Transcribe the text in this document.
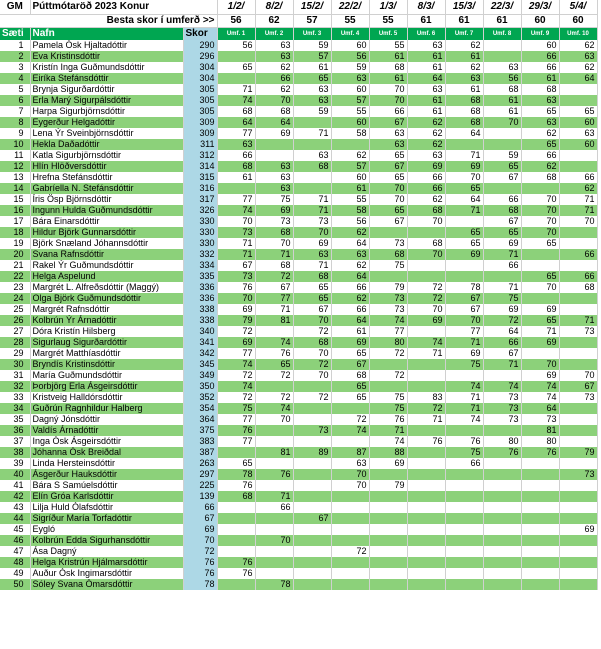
GM	Púttmótaröð 2023 Konur		1/2/	8/2/	15/2/	22/2/	1/3/	8/3/	15/3/	22/3/	29/3/	5/4/
Besta skor í umferð >>			56	62	57	55	55	61	61	61	60	60
Sæti	Nafn	Skor	Umf. 1	Umf. 2	Umf. 3	Umf. 4	Umf. 5	Umf. 6	Umf. 7	Umf. 8	Umf. 9	Umf. 10
1	Pamela Ósk Hjaltadóttir	290	56	63	59	60	55	63	62		60	62
2	Eva Kristinsdóttir	296		63	57	56	61	61	61		66	63
3	Kristín Inga Guðmundsdóttir	304	65	62	61	59	68	61	62	63	66	62
4	Eiríka Stefánsdóttir	304		66	65	63	61	64	63	56	61	64
5	Brynja Sigurðardóttir	305	71	62	63	60	70	63	61	68	68	
6	Erla Marý Sigurpálsdóttir	305	74	70	63	57	70	61	68	61	63	
7	Harpa Sigurbjörnsdóttir	305	68	68	59	55	66	61	68	61	65	65
8	Eygerður Helgadóttir	309	64	64		60	67	62	68	70	63	60
9	Lena Ýr Sveinbjörnsdóttir	309	77	69	71	58	63	62	64		62	63
10	Hekla Daðadóttir	311	63				63	62			65	60
11	Katla Sigurbjörnsdóttir	312	66		63	62	65	63	71	59	66	
12	Hlín Hlöðversdóttir	314	68	63	68	57	67	69	69	65	62	
13	Hrefna Stefánsdóttir	315	61	63		60	65	66	70	67	68	66
14	Gabríella N. Stefánsdóttir	316		63		61	70	66	65			62
15	Íris Ösp Björnsdóttir	317	77	75	71	55	70	62	64	66	70	71
16	Ingunn Hulda Guðmundsdóttir	326	74	69	71	58	65	68	71	68	70	71
17	Bára Einarsdóttir	330	70	73	73	56	67	70		67	70	70
18	Hildur Björk Gunnarsdóttir	330	73	68	70	62			65	65	70	
19	Björk Snæland Jóhannsdóttir	330	71	70	69	64	73	68	65	69	65	
20	Svana Rafnsdóttir	332	71	71	63	63	68	70	69	71		66
21	Rakel Ýr Guðmundsdóttir	334	67	68	71	62	75			66		
22	Helga Aspelund	335	73	72	68	64					65	66
23	Margrét L. Alfreðsdóttir (Maggý)	336	76	67	65	66	79	72	78	71	70	68
24	Olga Björk Guðmundsdóttir	336	70	77	65	62	73	72	67	75		
25	Margrét Rafnsdóttir	338	69	71	67	66	73	70	67	69	69	
26	Kolbrún Ýr Árnadóttir	338	79	81	70	64	74	69	70	72	65	71
27	Dóra Kristín Hilsberg	340	72		72	61	77		77	64	71	73
28	Sigurlaug Sigurðardóttir	341	69	74	68	69	80	74	71	66	69	
29	Margrét Matthíasdóttir	342	77	76	70	65	72	71	69	67		
30	Bryndís Kristinsdóttir	345	74	65	72	67			75	71	70	
31	María Guðmundsdóttir	349	72	72	70	68	72				69	70
32	Þorbjörg Erla Ásgeirsdóttir	350	74			65			74	74	74	67
33	Kristveig Halldórsdóttir	352	72	72	72	65	75	83	71	73	74	73
34	Guðrún Ragnhildur Halberg	354	75	74			75	72	71	73	64	
35	Dagný Jónsdóttir	364	77	70		72	76	71	74	73	73	
36	Valdís Árnadóttir	375	76		73	74	71				81	
37	Inga Ósk Ásgeirsdóttir	383	77				74	76	76	80	80	
38	Jóhanna Ósk Breiðdal	387		81	89	87	88		75	76	76	79
39	Linda Hersteinsdóttir	263	65			63	69		66			
40	Ásgerður Hauksdóttir	297	78	76		70						73
41	Bára S Samúelsdóttir	225	76			70	79					
42	Elín Gróa Karlsdóttir	139	68	71								
43	Lilja Huld Ólafsdóttir	66		66								
44	Sigríður María Torfadóttir	67			67							
45	Eygló	69										69
46	Kolbrún Edda Sigurhansdóttir	70		70								
47	Ása Dagný	72				72						
48	Helga Kristrún Hjálmarsdóttir	76	76									
49	Auður Ósk Ingimarsdóttir	76	76									
50	Sóley Svana Ómarsdóttir	78		78								
